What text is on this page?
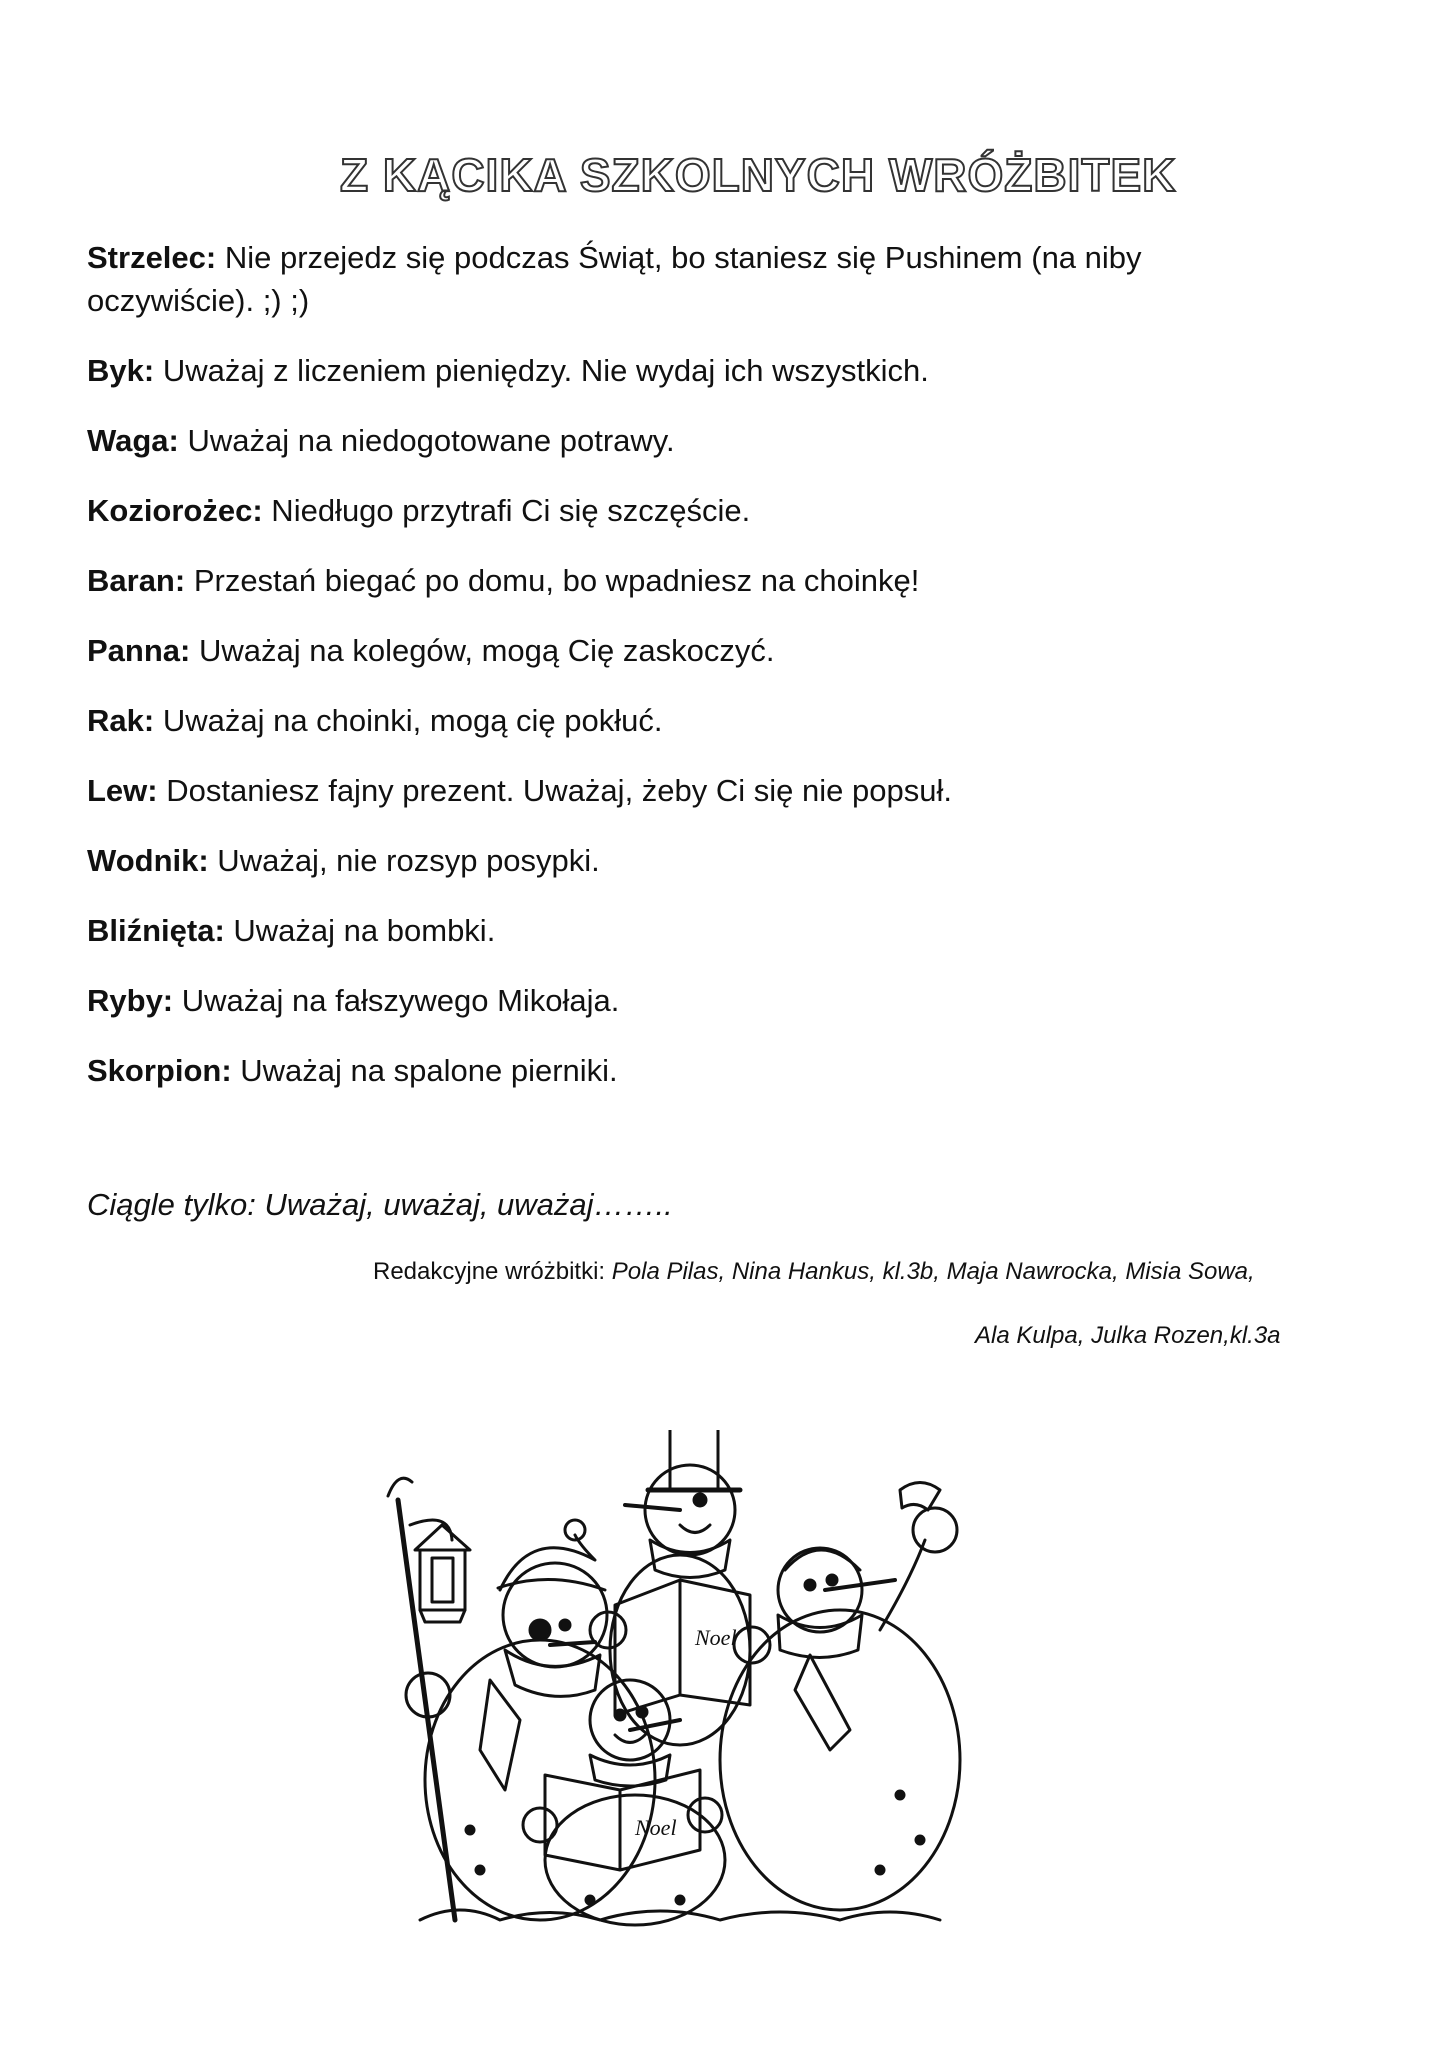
Z KĄCIKA SZKOLNYCH WRÓŻBITEK

Strzelec: Nie przejedz się podczas Świąt, bo staniesz się Pushinem (na niby oczywiście). ;) ;)

Byk: Uważaj z liczeniem pieniędzy. Nie wydaj ich wszystkich.

Waga: Uważaj na niedogotowane potrawy.

Koziorożec: Niedługo przytrafi Ci się szczęście.

Baran: Przestań biegać po domu, bo wpadniesz na choinkę!

Panna: Uważaj na kolegów, mogą Cię zaskoczyć.

Rak: Uważaj na choinki, mogą cię pokłuć.

Lew: Dostaniesz fajny prezent. Uważaj, żeby Ci się nie popsuł.

Wodnik: Uważaj, nie rozsyp posypki.

Bliźnięta: Uważaj na bombki.

Ryby: Uważaj na fałszywego Mikołaja.

Skorpion: Uważaj na spalone pierniki.

Ciągle tylko: Uważaj, uważaj, uważaj……..
Redakcyjne wróżbitki: Pola Pilas, Nina Hankus, kl.3b, Maja Nawrocka, Misia Sowa,
Ala Kulpa, Julka Rozen,kl.3a
Noel
Noel
